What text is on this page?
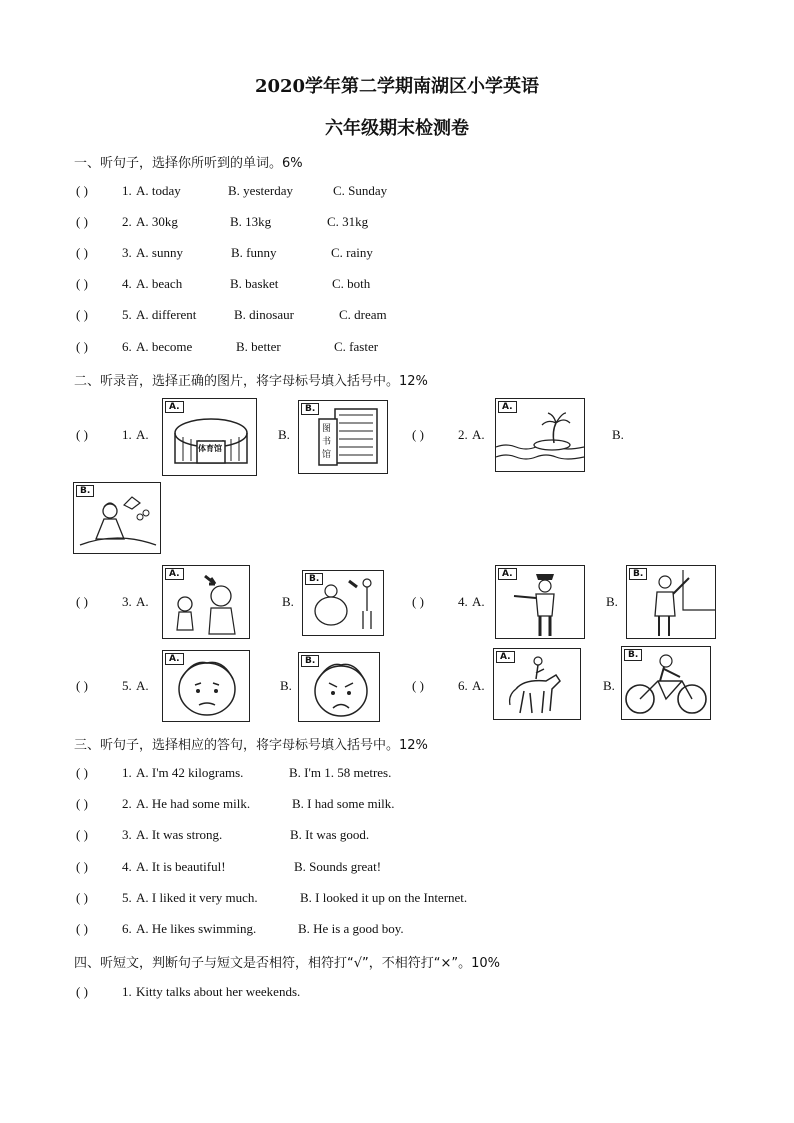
2020学年第二学期南湖区小学英语
六年级期末检测卷
一、听句子，选择你所听到的单词。6%
( )	1. A. today	B. yesterday	C. Sunday
( )	2. A. 30kg	B. 13kg	C. 31kg
( )	3. A. sunny	B. funny	C. rainy
( )	4. A. beach	B. basket	C. both
( )	5. A. different	B. dinosaur	C. dream
( )	6. A. become	B. better	C. faster
二、听录音，选择正确的图片，将字母标号填入括号中。12%
( )	1. A.
A.
体育馆
B.
B.
图
书
馆
( )	2. A.
A.
B.
B.
( )	3. A.
A.
B.
B.
( )	4. A.
A.
B.
B.
( )	5. A.
A.
B.
B.
( )	6. A.
A.
B.
B.
三、听句子，选择相应的答句，将字母标号填入括号中。12%
( )	1. A. I'm 42 kilograms.	B. I'm 1. 58 metres.
( )	2. A. He had some milk.	B. I had some milk.
( )	3. A. It was strong.	B. It was good.
( )	4. A. It is beautiful!	B. Sounds great!
( )	5. A. I liked it very much.	B. I looked it up on the Internet.
( )	6. A. He likes swimming.	B. He is a good boy.
四、听短文，判断句子与短文是否相符，相符打“√”，不相符打“×”。10%
( )	1. Kitty talks about her weekends.
